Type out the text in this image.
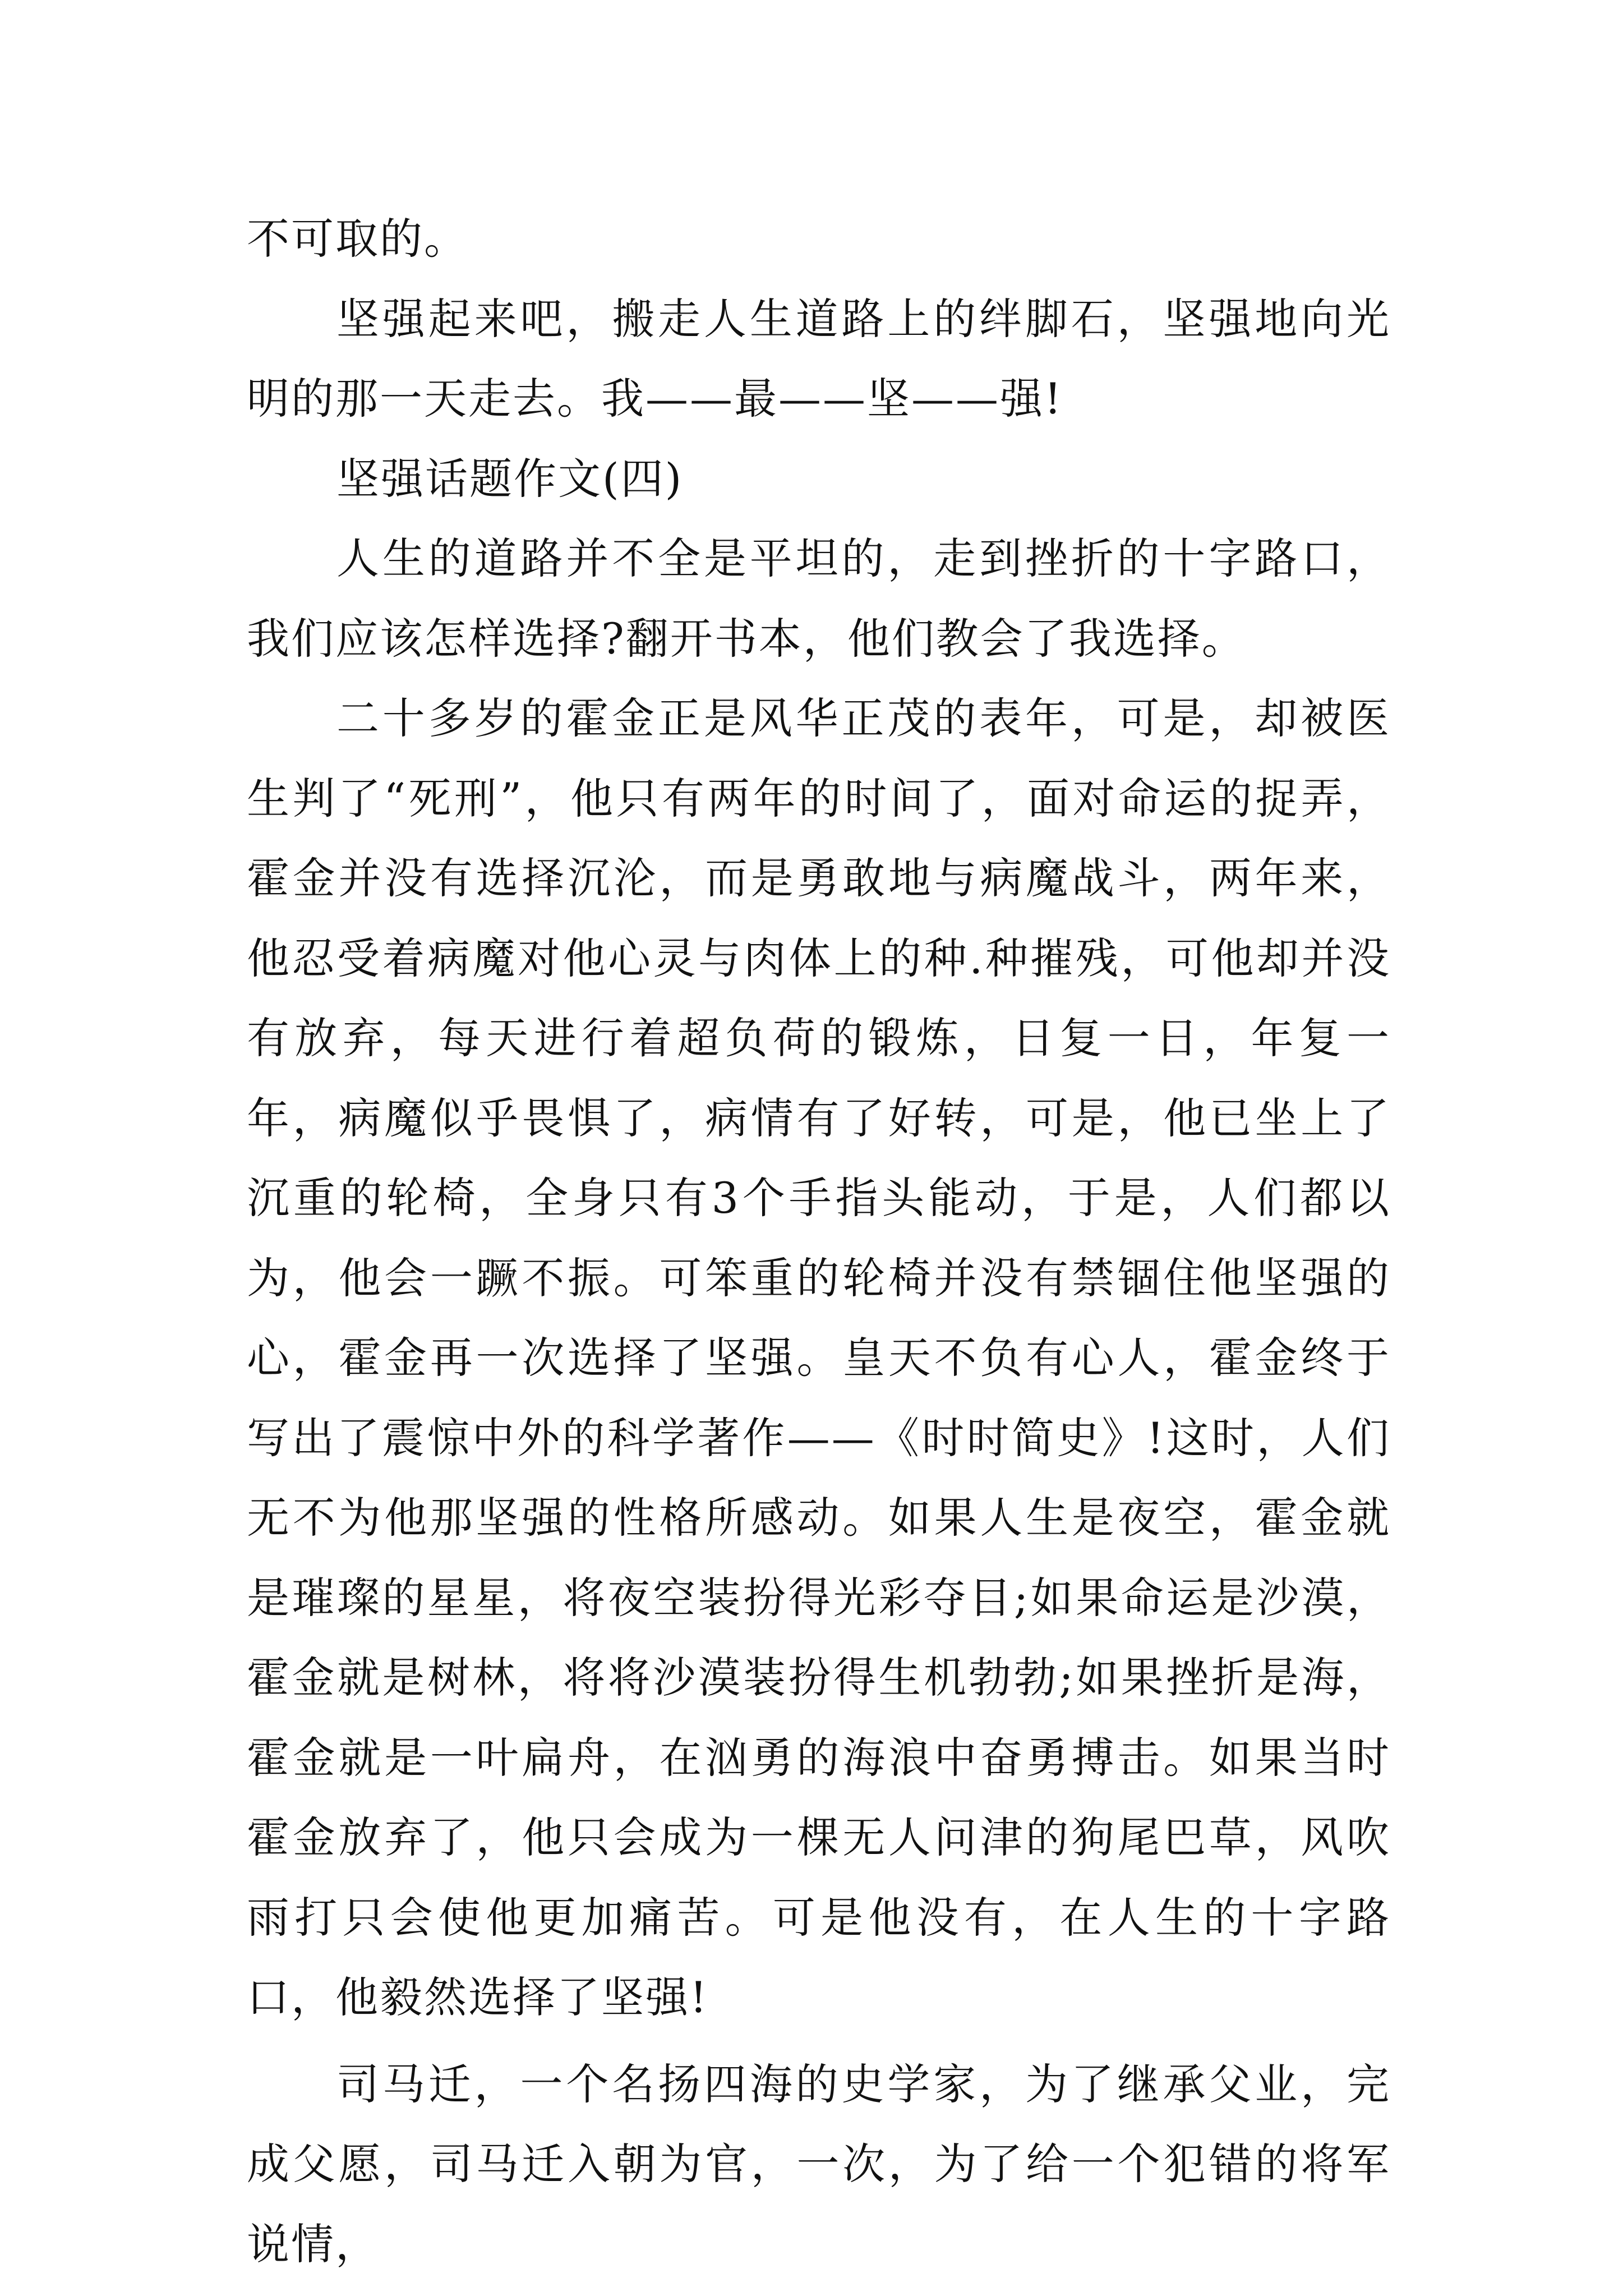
不可取的。

坚强起来吧，搬走人生道路上的绊脚石，坚强地向光明的那一天走去。我——最——坚——强!

坚强话题作文(四)

人生的道路并不全是平坦的，走到挫折的十字路口，我们应该怎样选择?翻开书本，他们教会了我选择。

二十多岁的霍金正是风华正茂的表年，可是，却被医生判了“死刑”，他只有两年的时间了，面对命运的捉弄，霍金并没有选择沉沦，而是勇敢地与病魔战斗，两年来，他忍受着病魔对他心灵与肉体上的种.种摧残，可他却并没有放弃，每天进行着超负荷的锻炼，日复一日，年复一年，病魔似乎畏惧了，病情有了好转，可是，他已坐上了沉重的轮椅，全身只有3个手指头能动，于是，人们都以为，他会一蹶不振。可笨重的轮椅并没有禁锢住他坚强的心，霍金再一次选择了坚强。皇天不负有心人，霍金终于写出了震惊中外的科学著作——《时时简史》!这时，人们无不为他那坚强的性格所感动。如果人生是夜空，霍金就是璀璨的星星，将夜空装扮得光彩夺目;如果命运是沙漠，霍金就是树林，将将沙漠装扮得生机勃勃;如果挫折是海，霍金就是一叶扁舟，在汹勇的海浪中奋勇搏击。如果当时霍金放弃了，他只会成为一棵无人问津的狗尾巴草，风吹雨打只会使他更加痛苦。可是他没有，在人生的十字路口，他毅然选择了坚强!

司马迁，一个名扬四海的史学家，为了继承父业，完成父愿，司马迁入朝为官，一次，为了给一个犯错的将军说情，
